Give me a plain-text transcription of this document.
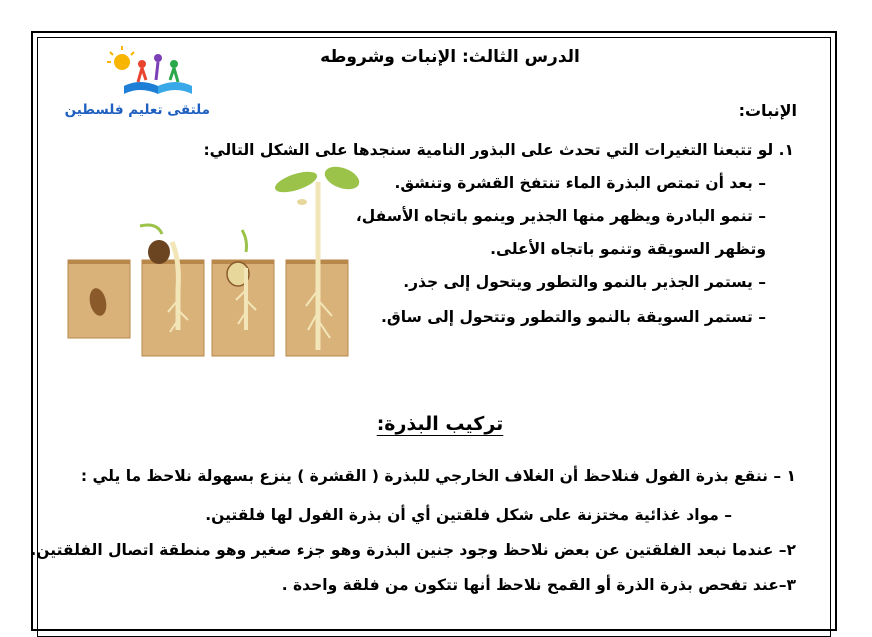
ملتقى تعليم فلسطين
الدرس الثالث: الإنبات وشروطه
الإنبات:
١. لو تتبعنا التغيرات التي تحدث على البذور النامية سنجدها على الشكل التالي:
– بعد أن تمتص البذرة الماء تنتفخ القشرة وتنشق.
– تنمو البادرة ويظهر منها الجذير وينمو باتجاه الأسفل،
وتظهر السويقة وتنمو باتجاه الأعلى.
– يستمر الجذير بالنمو والتطور ويتحول إلى جذر.
– تستمر السويقة بالنمو والتطور وتتحول إلى ساق.
تركيب البذرة:
١ – ننقع بذرة الفول فنلاحظ أن الغلاف الخارجي للبذرة ( القشرة ) ينزع بسهولة نلاحظ ما يلي :
– مواد غذائية مختزنة على شكل فلقتين أي أن بذرة الفول لها فلقتين.
٢– عندما نبعد الفلقتين عن بعض نلاحظ وجود جنين البذرة وهو جزء صغير وهو منطقة اتصال الفلقتين.
٣–عند تفحص بذرة الذرة أو القمح نلاحظ أنها تتكون من فلقة واحدة .
